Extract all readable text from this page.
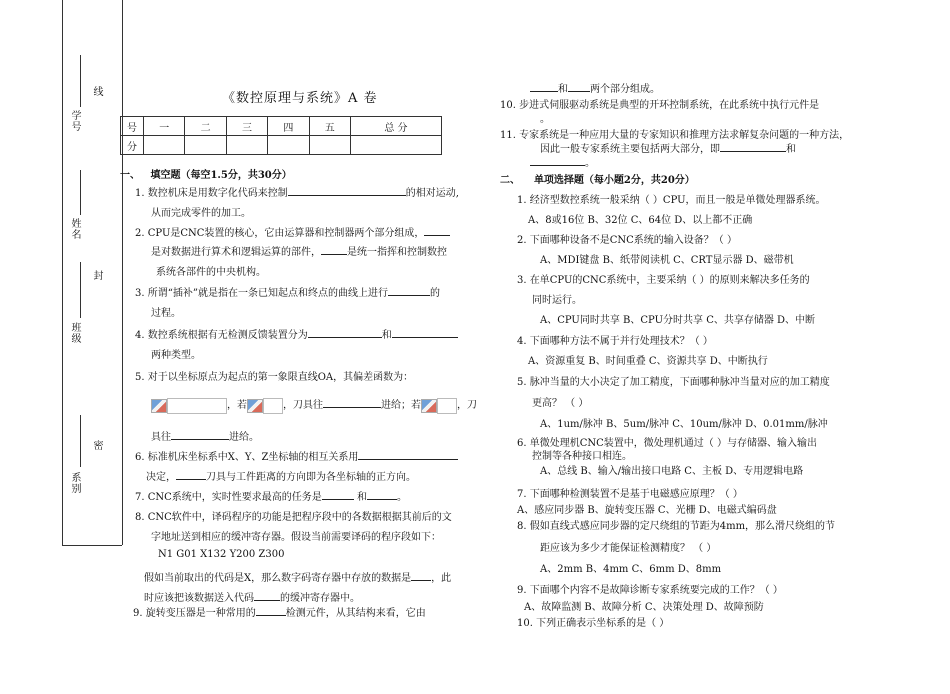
线
封
密
学号
姓名
班级
系别
《数控原理与系统》A 卷
号	一	二	三	四	五	总 分
分						
一、 填空题（每空1.5分，共30分）
1. 数控机床是用数字化代码来控制	的相对运动,
从而完成零件的加工。
2. CPU是CNC装置的核心，它由运算器和控制器两个部分组成，
是对数据进行算术和逻辑运算的部件，	是统一指挥和控制数控
系统各部件的中央机构。
3. 所谓“插补”就是指在一条已知起点和终点的曲线上进行	的
过程。
4. 数控系统根据有无检测反馈装置分为	和
两种类型。
5. 对于以坐标原点为起点的第一象限直线OA，其偏差函数为：
，若	，刀具往	进给；若	，刀
具往	进给。
6. 标准机床坐标系中X、Y、Z坐标轴的相互关系用
决定，	刀具与工件距离的方向即为各坐标轴的正方向。
7. CNC系统中，实时性要求最高的任务是	和	。
8. CNC软件中，译码程序的功能是把程序段中的各数据根据其前后的文
字地址送到相应的缓冲寄存器。假设当前需要译码的程序段如下：
N1 G01 X132 Y200 Z300
假如当前取出的代码是X，那么数字码寄存器中存放的数据是 ，此
时应该把该数据送入代码	的缓冲寄存器中。
9. 旋转变压器是一种常用的	检测元件，从其结构来看，它由
和 两个部分组成。
10. 步进式伺服驱动系统是典型的开环控制系统，在此系统中执行元件是
。
11. 专家系统是一种应用大量的专家知识和推理方法求解复杂问题的一种方法，
因此一般专家系统主要包括两大部分，即	和
。
二、 单项选择题（每小题2分，共20分）
1. 经济型数控系统一般采纳（ ）CPU，而且一般是单微处理器系统。
A、8或16位 B、32位 C、64位 D、以上都不正确
2. 下面哪种设备不是CNC系统的输入设备？（ ）
A、MDI键盘 B、纸带阅读机 C、CRT显示器 D、磁带机
3. 在单CPU的CNC系统中，主要采纳（ ）的原则来解决多任务的
同时运行。
A、CPU同时共享 B、CPU分时共享 C、共享存储器 D、中断
4. 下面哪种方法不属于并行处理技术？（ ）
A、资源重复 B、时间重叠 C、资源共享 D、中断执行
5. 脉冲当量的大小决定了加工精度，下面哪种脉冲当量对应的加工精度
更高？ （ ）
A、1um/脉冲 B、5um/脉冲 C、10um/脉冲 D、0.01mm/脉冲
6. 单微处理机CNC装置中，微处理机通过（ ）与存储器、输入输出
控制等各种接口相连。
A、总线 B、输入/输出接口电路 C、主板 D、专用逻辑电路
7. 下面哪种检测装置不是基于电磁感应原理？（ ）
A、感应同步器 B、旋转变压器 C、光栅 D、电磁式编码盘
8. 假如直线式感应同步器的定尺绕组的节距为4mm，那么滑尺绕组的节
距应该为多少才能保证检测精度？ （ ）
A、2mm B、4mm C、6mm D、8mm
9. 下面哪个内容不是故障诊断专家系统要完成的工作？（ ）
A、故障监测 B、故障分析 C、决策处理 D、故障预防
10. 下列正确表示坐标系的是（ ）
